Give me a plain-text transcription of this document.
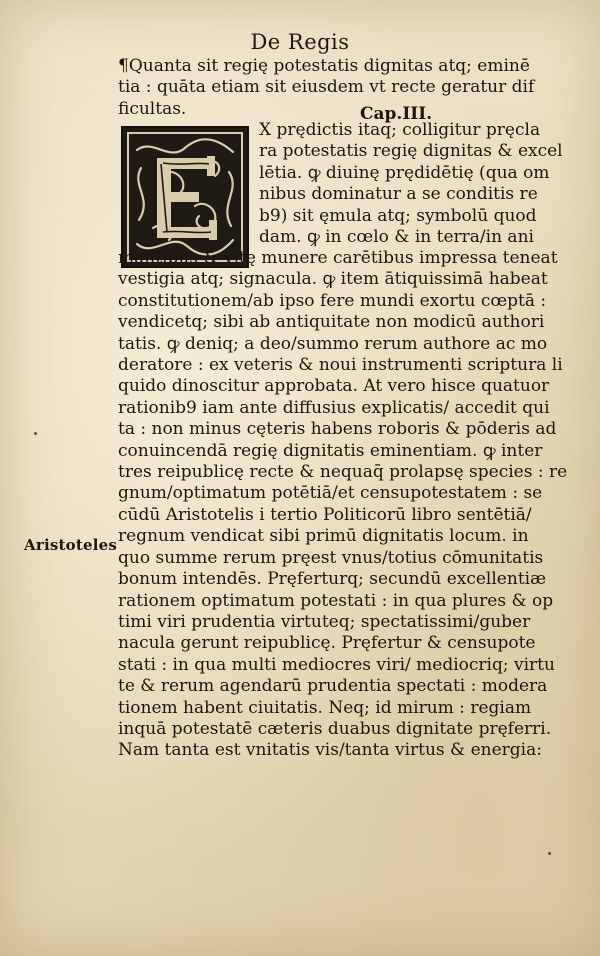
De Regis
¶Quanta sit regię potestatis dignitas atq; eminē
tia : quāta etiam sit eiusdem vt recte geratur dif
ficultas.	Cap.III.
X prędictis itaq; colligitur pręcla
ra potestatis regię dignitas & excel
lētia. ꝙ diuinę prędidētię (qua om
nibus dominatur a se conditis re
b9) sit ęmula atq; symbolū quod
dam. ꝙ in cœlo & in terra/in ani
mantibus & vitę munere carētibus impressa teneat
vestigia atq; signacula. ꝙ item ātiquissimā habeat
constitutionem/ab ipso fere mundi exortu cœptā :
vendicetq; sibi ab antiquitate non modicū authori
tatis. ꝙ deniq; a deo/summo rerum authore ac mo
deratore : ex veteris & noui instrumenti scriptura li
quido dinoscitur approbata. At vero hisce quatuor
rationib9 iam ante diffusius explicatis/ accedit qui
ta : non minus cęteris habens roboris & pōderis ad
conuincendā regię dignitatis eminentiam. ꝙ inter
tres reipublicę recte & nequaq̄ prolapsę species : re
gnum/optimatum potētiā/et censupotestatem : se
cūdū Aristotelis i tertio Politicorū libro sentētiā/
regnum vendicat sibi primū dignitatis locum. in
quo summe rerum pręest vnus/totius cōmunitatis
bonum intendēs. Pręferturq; secundū excellentiæ
rationem optimatum potestati : in qua plures & op
timi viri prudentia virtuteq; spectatissimi/guber
nacula gerunt reipublicę. Pręfertur & censupote
stati : in qua multi mediocres viri/ mediocriq; virtu
te & rerum agendarū prudentia spectati : modera
tionem habent ciuitatis. Neq; id mirum : regiam
inquā potestatē cæteris duabus dignitate pręferri.
Nam tanta est vnitatis vis/tanta virtus & energia:
Aristoteles
